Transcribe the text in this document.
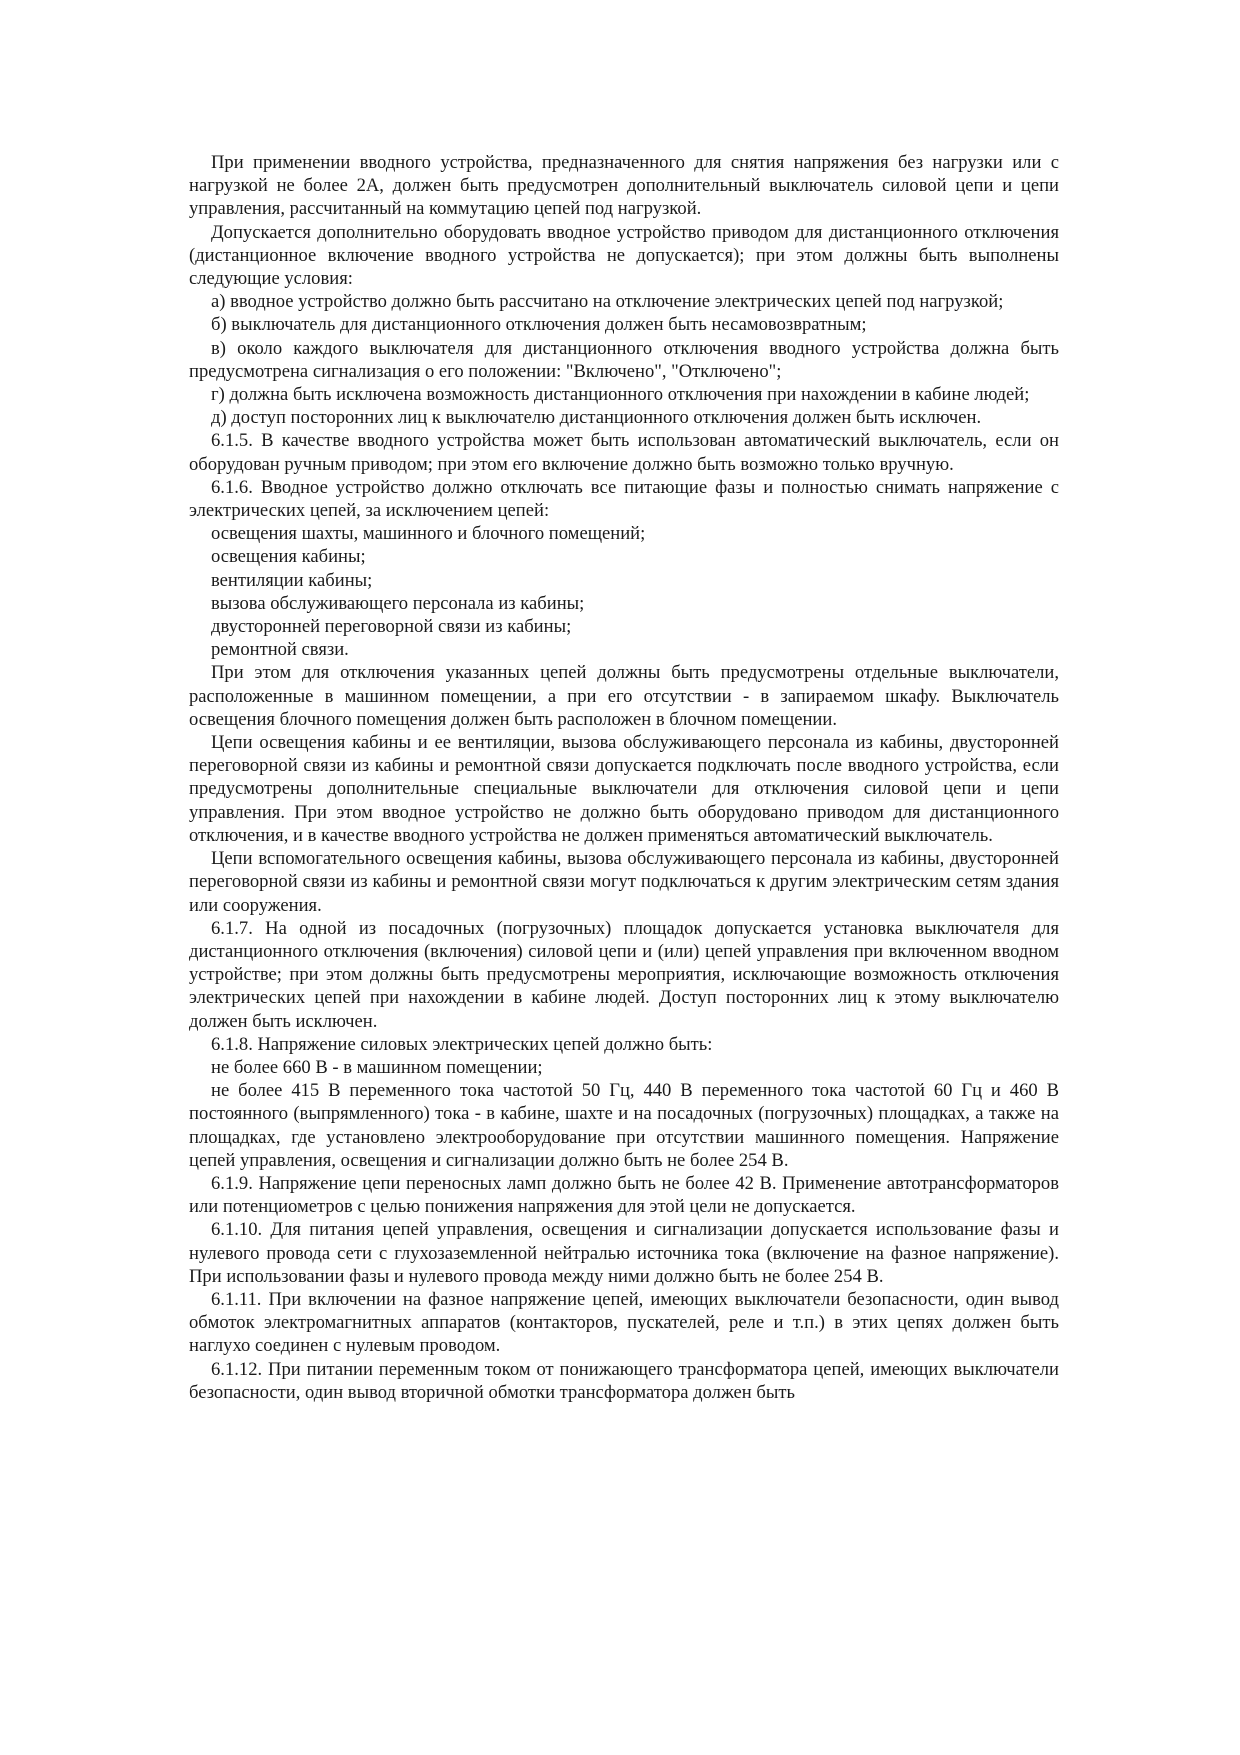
При применении вводного устройства, предназначенного для снятия напряжения без нагрузки или с нагрузкой не более 2А, должен быть предусмотрен дополнительный выключатель силовой цепи и цепи управления, рассчитанный на коммутацию цепей под нагрузкой.

Допускается дополнительно оборудовать вводное устройство приводом для дистанционного отключения (дистанционное включение вводного устройства не допускается); при этом должны быть выполнены следующие условия:

а) вводное устройство должно быть рассчитано на отключение электрических цепей под нагрузкой;

б) выключатель для дистанционного отключения должен быть несамовозвратным;

в) около каждого выключателя для дистанционного отключения вводного устройства должна быть предусмотрена сигнализация о его положении: "Включено", "Отключено";

г) должна быть исключена возможность дистанционного отключения при нахождении в кабине людей;

д) доступ посторонних лиц к выключателю дистанционного отключения должен быть исключен.

6.1.5. В качестве вводного устройства может быть использован автоматический выключатель, если он оборудован ручным приводом; при этом его включение должно быть возможно только вручную.

6.1.6. Вводное устройство должно отключать все питающие фазы и полностью снимать напряжение с электрических цепей, за исключением цепей:

освещения шахты, машинного и блочного помещений;

освещения кабины;

вентиляции кабины;

вызова обслуживающего персонала из кабины;

двусторонней переговорной связи из кабины;

ремонтной связи.

При этом для отключения указанных цепей должны быть предусмотрены отдельные выключатели, расположенные в машинном помещении, а при его отсутствии - в запираемом шкафу. Выключатель освещения блочного помещения должен быть расположен в блочном помещении.

Цепи освещения кабины и ее вентиляции, вызова обслуживающего персонала из кабины, двусторонней переговорной связи из кабины и ремонтной связи допускается подключать после вводного устройства, если предусмотрены дополнительные специальные выключатели для отключения силовой цепи и цепи управления. При этом вводное устройство не должно быть оборудовано приводом для дистанционного отключения, и в качестве вводного устройства не должен применяться автоматический выключатель.

Цепи вспомогательного освещения кабины, вызова обслуживающего персонала из кабины, двусторонней переговорной связи из кабины и ремонтной связи могут подключаться к другим электрическим сетям здания или сооружения.

6.1.7. На одной из посадочных (погрузочных) площадок допускается установка выключателя для дистанционного отключения (включения) силовой цепи и (или) цепей управления при включенном вводном устройстве; при этом должны быть предусмотрены мероприятия, исключающие возможность отключения электрических цепей при нахождении в кабине людей. Доступ посторонних лиц к этому выключателю должен быть исключен.

6.1.8. Напряжение силовых электрических цепей должно быть:

не более 660 В - в машинном помещении;

не более 415 В переменного тока частотой 50 Гц, 440 В переменного тока частотой 60 Гц и 460 В постоянного (выпрямленного) тока - в кабине, шахте и на посадочных (погрузочных) площадках, а также на площадках, где установлено электрооборудование при отсутствии машинного помещения. Напряжение цепей управления, освещения и сигнализации должно быть не более 254 В.

6.1.9. Напряжение цепи переносных ламп должно быть не более 42 В. Применение автотрансформаторов или потенциометров с целью понижения напряжения для этой цели не допускается.

6.1.10. Для питания цепей управления, освещения и сигнализации допускается использование фазы и нулевого провода сети с глухозаземленной нейтралью источника тока (включение на фазное напряжение). При использовании фазы и нулевого провода между ними должно быть не более 254 В.

6.1.11. При включении на фазное напряжение цепей, имеющих выключатели безопасности, один вывод обмоток электромагнитных аппаратов (контакторов, пускателей, реле и т.п.) в этих цепях должен быть наглухо соединен с нулевым проводом.

6.1.12. При питании переменным током от понижающего трансформатора цепей, имеющих выключатели безопасности, один вывод вторичной обмотки трансформатора должен быть
